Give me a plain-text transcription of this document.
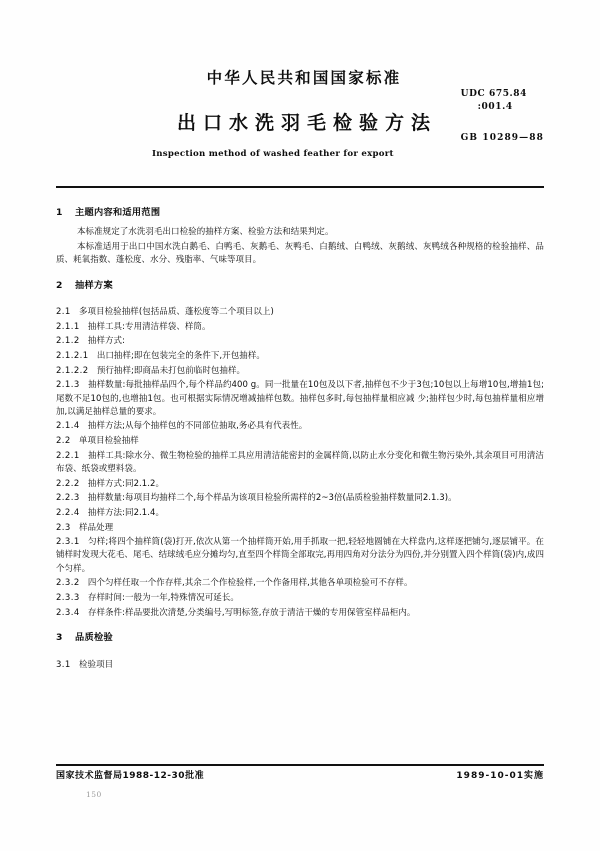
中华人民共和国国家标准
出口水洗羽毛检验方法
Inspection method of washed feather for export
UDC 675.84
:001.4
GB 10289—88
1 主题内容和适用范围
本标准规定了水洗羽毛出口检验的抽样方案、检验方法和结果判定。
本标准适用于出口中国水洗白鹅毛、白鸭毛、灰鹅毛、灰鸭毛、白鹅绒、白鸭绒、灰鹅绒、灰鸭绒各种规格的检验抽样、品质、耗氧指数、蓬松度、水分、残脂率、气味等项目。
2 抽样方案
2.1 多项目检验抽样(包括品质、蓬松度等二个项目以上)
2.1.1 抽样工具:专用清洁样袋、样筒。
2.1.2 抽样方式:
2.1.2.1 出口抽样;即在包装完全的条件下,开包抽样。
2.1.2.2 预行抽样;即商品未打包前临时包抽样。
2.1.3 抽样数量:每批抽样品四个,每个样品约400 g。同一批量在10包及以下者,抽样包不少于3包;10包以上每增10包,增抽1包;尾数不足10包的,也增抽1包。也可根据实际情况增减抽样包数。抽样包多时,每包抽样量相应减 少;抽样包少时,每包抽样量相应增加,以满足抽样总量的要求。
2.1.4 抽样方法;从每个抽样包的不同部位抽取,务必具有代表性。
2.2 单项目检验抽样
2.2.1 抽样工具:除水分、微生物检验的抽样工具应用清洁能密封的金属样筒,以防止水分变化和微生物污染外,其余项目可用清洁布袋、纸袋或塑料袋。
2.2.2 抽样方式:同2.1.2。
2.2.3 抽样数量:每项目均抽样二个,每个样品为该项目检验所需样的2~3倍(品质检验抽样数量同2.1.3)。
2.2.4 抽样方法:同2.1.4。
2.3 样品处理
2.3.1 匀样;将四个抽样筒(袋)打开,依次从第一个抽样筒开始,用手抓取一把,轻轻地圆铺在大样盘内,这样逐把铺匀,逐层铺平。在铺样时发现大花毛、尾毛、结球绒毛应分摊均匀,直至四个样筒全部取完,再用四角对分法分为四份,并分别置入四个样筒(袋)内,成四个匀样。
2.3.2 四个匀样任取一个作存样,其余二个作检验样,一个作备用样,其他各单项检验可不存样。
2.3.3 存样时间:一般为一年,特殊情况可延长。
2.3.4 存样条件:样品要批次清楚,分类编号,写明标签,存放于清洁干燥的专用保管室样品柜内。
3 品质检验
3.1 检验项目
国家技术监督局1988-12-30批准	1989-10-01实施
150
